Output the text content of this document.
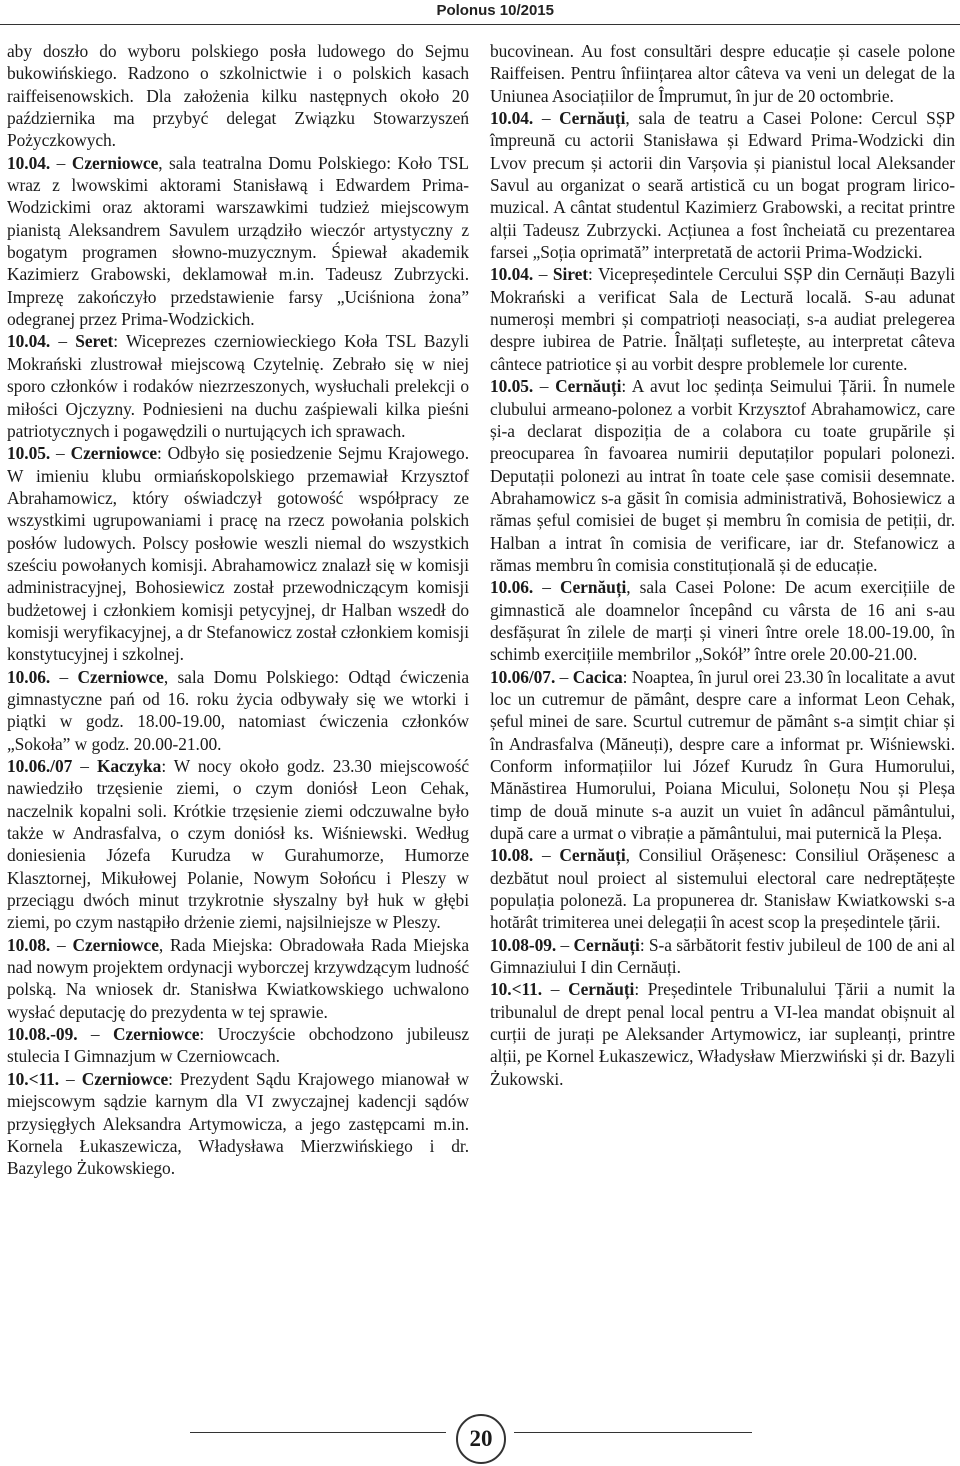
Polonus 10/2015

aby doszło do wyboru polskiego posła ludowego do Sejmu bukowińskiego. Radzono o szkolnictwie i o polskich kasach raiffeisenowskich. Dla założenia kilku następnych około 20 października ma przybyć delegat Związku Stowarzyszeń Pożyczkowych.

10.04. – Czerniowce, sala teatralna Domu Polskiego: Koło TSL wraz z lwowskimi aktorami Stanisławą i Edwardem Prima-Wodzickimi oraz aktorami warszawkimi tudzież miejscowym pianistą Aleksandrem Savulem urządziło wieczór artystyczny z bogatym programen słowno-muzycznym. Śpiewał akademik Kazimierz Grabowski, deklamował m.in. Tadeusz Zubrzycki. Imprezę zakończyło przedstawienie farsy „Uciśniona żona” odegranej przez Prima-Wodzickich.

10.04. – Seret: Wiceprezes czerniowieckiego Koła TSL Bazyli Mokrański zlustrował miejscową Czytelnię. Zebrało się w niej sporo członków i rodaków niezrzeszonych, wysłuchali prelekcji o miłości Ojczyzny. Podniesieni na duchu zaśpiewali kilka pieśni patriotycznych i pogawędzili o nurtujących ich sprawach.

10.05. – Czerniowce: Odbyło się posiedzenie Sejmu Krajowego. W imieniu klubu ormiańskopolskiego przemawiał Krzysztof Abrahamowicz, który oświadczył gotowość współpracy ze wszystkimi ugrupowaniami i pracę na rzecz powołania polskich posłów ludowych. Polscy posłowie weszli niemal do wszystkich sześciu powołanych komisji. Abrahamowicz znalazł się w komisji administracyjnej, Bohosiewicz został przewodniczącym komisji budżetowej i członkiem komisji petycyjnej, dr Halban wszedł do komisji weryfikacyjnej, a dr Stefanowicz został członkiem komisji konstytucyjnej i szkolnej.

10.06. – Czerniowce, sala Domu Polskiego: Odtąd ćwiczenia gimnastyczne pań od 16. roku życia odbywały się we wtorki i piątki w godz. 18.00-19.00, natomiast ćwiczenia członków „Sokoła” w godz. 20.00-21.00.

10.06./07 – Kaczyka: W nocy około godz. 23.30 miejscowość nawiedziło trzęsienie ziemi, o czym doniósł Leon Cehak, naczelnik kopalni soli. Krótkie trzęsienie ziemi odczuwalne było także w Andrasfalva, o czym doniósł ks. Wiśniewski. Według doniesienia Józefa Kurudza w Gurahumorze, Humorze Klasztornej, Mikułowej Polanie, Nowym Sołońcu i Pleszy w przeciągu dwóch minut trzykrotnie słyszalny był huk w głębi ziemi, po czym nastąpiło drżenie ziemi, najsilniejsze w Pleszy.

10.08. – Czerniowce, Rada Miejska: Obradowała Rada Miejska nad nowym projektem ordynacji wyborczej krzywdzącym ludność polską. Na wniosek dr. Stanisłwa Kwiatkowskiego uchwalono wysłać deputację do prezydenta w tej sprawie.

10.08.-09. – Czerniowce: Uroczyście obchodzono jubileusz stulecia I Gimnazjum w Czerniowcach.

10.<11. – Czerniowce: Prezydent Sądu Krajowego mianował w miejscowym sądzie karnym dla VI zwyczajnej kadencji sądów przysięgłych Aleksandra Artymowicza, a jego zastępcami m.in. Kornela Łukaszewicza, Władysława Mierzwińskiego i dr. Bazylego Żukowskiego.

bucovinean. Au fost consultări despre educație și casele polone Raiffeisen. Pentru înființarea altor câteva va veni un delegat de la Uniunea Asociațiilor de Împrumut, în jur de 20 octombrie.

10.04. – Cernăuți, sala de teatru a Casei Polone: Cercul SȘP împreună cu actorii Stanisława și Edward Prima-Wodzicki din Lvov precum și actorii din Varșovia și pianistul local Aleksander Savul au organizat o seară artistică cu un bogat program lirico-muzical. A cântat studentul Kazimierz Grabowski, a recitat printre alții Tadeusz Zubrzycki. Acțiunea a fost încheiată cu prezentarea farsei „Soția oprimată” interpretată de actorii Prima-Wodzicki.

10.04. – Siret: Vicepreședintele Cercului SȘP din Cernăuți Bazyli Mokrański a verificat Sala de Lectură locală. S-au adunat numeroși membri și compatrioți neasociați, s-a audiat prelegerea despre iubirea de Patrie. Înălțați sufletește, au interpretat câteva cântece patriotice și au vorbit despre problemele lor curente.

10.05. – Cernăuți: A avut loc ședința Seimului Țării. În numele clubului armeano-polonez a vorbit Krzysztof Abrahamowicz, care și-a declarat dispoziția de a colabora cu toate grupările și preocuparea în favoarea numirii deputaților populari polonezi. Deputații polonezi au intrat în toate cele șase comisii desemnate. Abrahamowicz s-a găsit în comisia administrativă, Bohosiewicz a rămas șeful comisiei de buget și membru în comisia de petiții, dr. Halban a intrat în comisia de verificare, iar dr. Stefanowicz a rămas membru în comisia constituțională și de educație.

10.06. – Cernăuți, sala Casei Polone: De acum exercițiile de gimnastică ale doamnelor începând cu vârsta de 16 ani s-au desfășurat în zilele de marți și vineri între orele 18.00-19.00, în schimb exercițiile membrilor „Sokół” între orele 20.00-21.00.

10.06/07. – Cacica: Noaptea, în jurul orei 23.30 în localitate a avut loc un cutremur de pământ, despre care a informat Leon Cehak, șeful minei de sare. Scurtul cutremur de pământ s-a simțit chiar și în Andrasfalva (Măneuți), despre care a informat pr. Wiśniewski. Conform informațiilor lui Józef Kurudz în Gura Humorului, Mănăstirea Humorului, Poiana Micului, Solonețu Nou și Pleșa timp de două minute s-a auzit un vuiet în adâncul pământului, după care a urmat o vibrație a pământului, mai puternică la Pleșa.

10.08. – Cernăuți, Consiliul Orășenesc: Consiliul Orășenesc a dezbătut noul proiect al sistemului electoral care nedreptățește populația poloneză. La propunerea dr. Stanisław Kwiatkowski s-a hotărât trimiterea unei delegații în acest scop la președintele țării.

10.08-09. – Cernăuți: S-a sărbătorit festiv jubileul de 100 de ani al Gimnaziului I din Cernăuți.

10.<11. – Cernăuți: Președintele Tribunalului Țării a numit la tribunalul de drept penal local pentru a VI-lea mandat obișnuit al curții de jurați pe Aleksander Artymowicz, iar supleanți, printre alții, pe Kornel Łukaszewicz, Władysław Mierzwiński și dr. Bazyli Żukowski.

20
